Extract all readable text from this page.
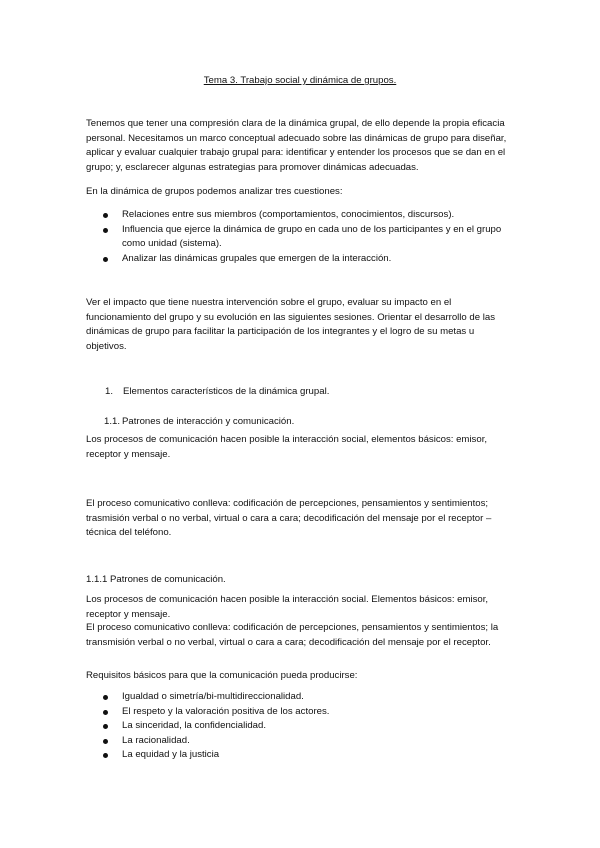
Tema 3. Trabajo social y dinámica de grupos.

Tenemos que tener una compresión clara de la dinámica grupal, de ello depende la propia eficacia personal. Necesitamos un marco conceptual adecuado sobre las dinámicas de grupo para diseñar, aplicar y evaluar cualquier trabajo grupal para: identificar y entender los procesos que se dan en el grupo; y, esclarecer algunas estrategias para promover dinámicas adecuadas.

En la dinámica de grupos podemos analizar tres cuestiones:

Relaciones entre sus miembros (comportamientos, conocimientos, discursos).
Influencia que ejerce la dinámica de grupo en cada uno de los participantes y en el grupo como unidad (sistema).
Analizar las dinámicas grupales que emergen de la interacción.

Ver el impacto que tiene nuestra intervención sobre el grupo, evaluar su impacto en el funcionamiento del grupo y su evolución en las siguientes sesiones. Orientar el desarrollo de las dinámicas de grupo para facilitar la participación de los integrantes y el logro de su metas u objetivos.

1. Elementos característicos de la dinámica grupal.
1.1. Patrones de interacción y comunicación.

Los procesos de comunicación hacen posible la interacción social, elementos básicos: emisor, receptor y mensaje.

El proceso comunicativo conlleva: codificación de percepciones, pensamientos y sentimientos; trasmisión verbal o no verbal, virtual o cara a cara; decodificación del mensaje por el receptor – técnica del teléfono.

1.1.1 Patrones de comunicación.

Los procesos de comunicación hacen posible la interacción social. Elementos básicos: emisor, receptor y mensaje.

El proceso comunicativo conlleva: codificación de percepciones, pensamientos y sentimientos; la transmisión verbal o no verbal, virtual o cara a cara; decodificación del mensaje por el receptor.

Requisitos básicos para que la comunicación pueda producirse:

Igualdad o simetría/bi-multidireccionalidad.
El respeto y la valoración positiva de los actores.
La sinceridad, la confidencialidad.
La racionalidad.
La equidad y la justicia
